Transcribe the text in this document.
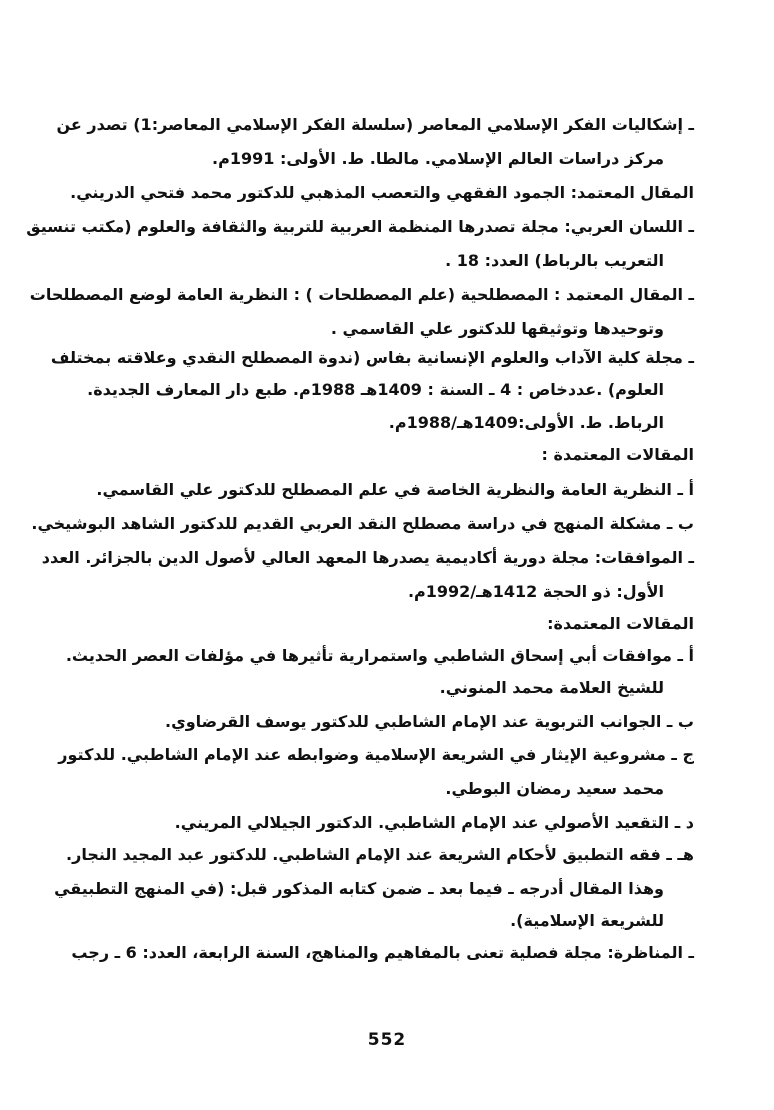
ـ إشكاليات الفكر الإسلامي المعاصر (سلسلة الفكر الإسلامي المعاصر:1) تصدر عن

مركز دراسات العالم الإسلامي. مالطا. ط. الأولى: 1991م.

المقال المعتمد: الجمود الفقهي والتعصب المذهبي للدكتور محمد فتحي الدريني.

ـ اللسان العربي: مجلة تصدرها المنظمة العربية للتربية والثقافة والعلوم (مكتب تنسيق

التعريب بالرباط) العدد: 18 .

ـ المقال المعتمد : المصطلحية (علم المصطلحات ) : النظرية العامة لوضع المصطلحات

وتوحيدها وتوثيقها للدكتور علي القاسمي .

ـ مجلة كلية الآداب والعلوم الإنسانية بفاس (ندوة المصطلح النقدي وعلاقته بمختلف

العلوم) .عددخاص : 4 ـ السنة : 1409هـ 1988م. طبع دار المعارف الجديدة.

الرباط. ط. الأولى:1409هـ/1988م.

المقالات المعتمدة :

أ ـ النظرية العامة والنظرية الخاصة في علم المصطلح للدكتور علي القاسمي.

ب ـ مشكلة المنهج في دراسة مصطلح النقد العربي القديم للدكتور الشاهد البوشيخي.

ـ الموافقات: مجلة دورية أكاديمية يصدرها المعهد العالي لأصول الدين بالجزائر. العدد

الأول: ذو الحجة 1412هـ/1992م.

المقالات المعتمدة:

أ ـ موافقات أبي إسحاق الشاطبي واستمرارية تأثيرها في مؤلفات العصر الحديث.

للشيخ العلامة محمد المنوني.

ب ـ الجوانب التربوية عند الإمام الشاطبي للدكتور يوسف القرضاوي.

ج ـ مشروعية الإيثار في الشريعة الإسلامية وضوابطه عند الإمام الشاطبي. للدكتور

محمد سعيد رمضان البوطي.

د ـ التقعيد الأصولي عند الإمام الشاطبي. الدكتور الجيلالي المريني.

هـ ـ فقه التطبيق لأحكام الشريعة عند الإمام الشاطبي. للدكتور عبد المجيد النجار.

وهذا المقال أدرجه ـ فيما بعد ـ ضمن كتابه المذكور قبل: (في المنهج التطبيقي

للشريعة الإسلامية).

ـ المناظرة: مجلة فصلية تعنى بالمفاهيم والمناهج، السنة الرابعة، العدد: 6 ـ رجب

552
